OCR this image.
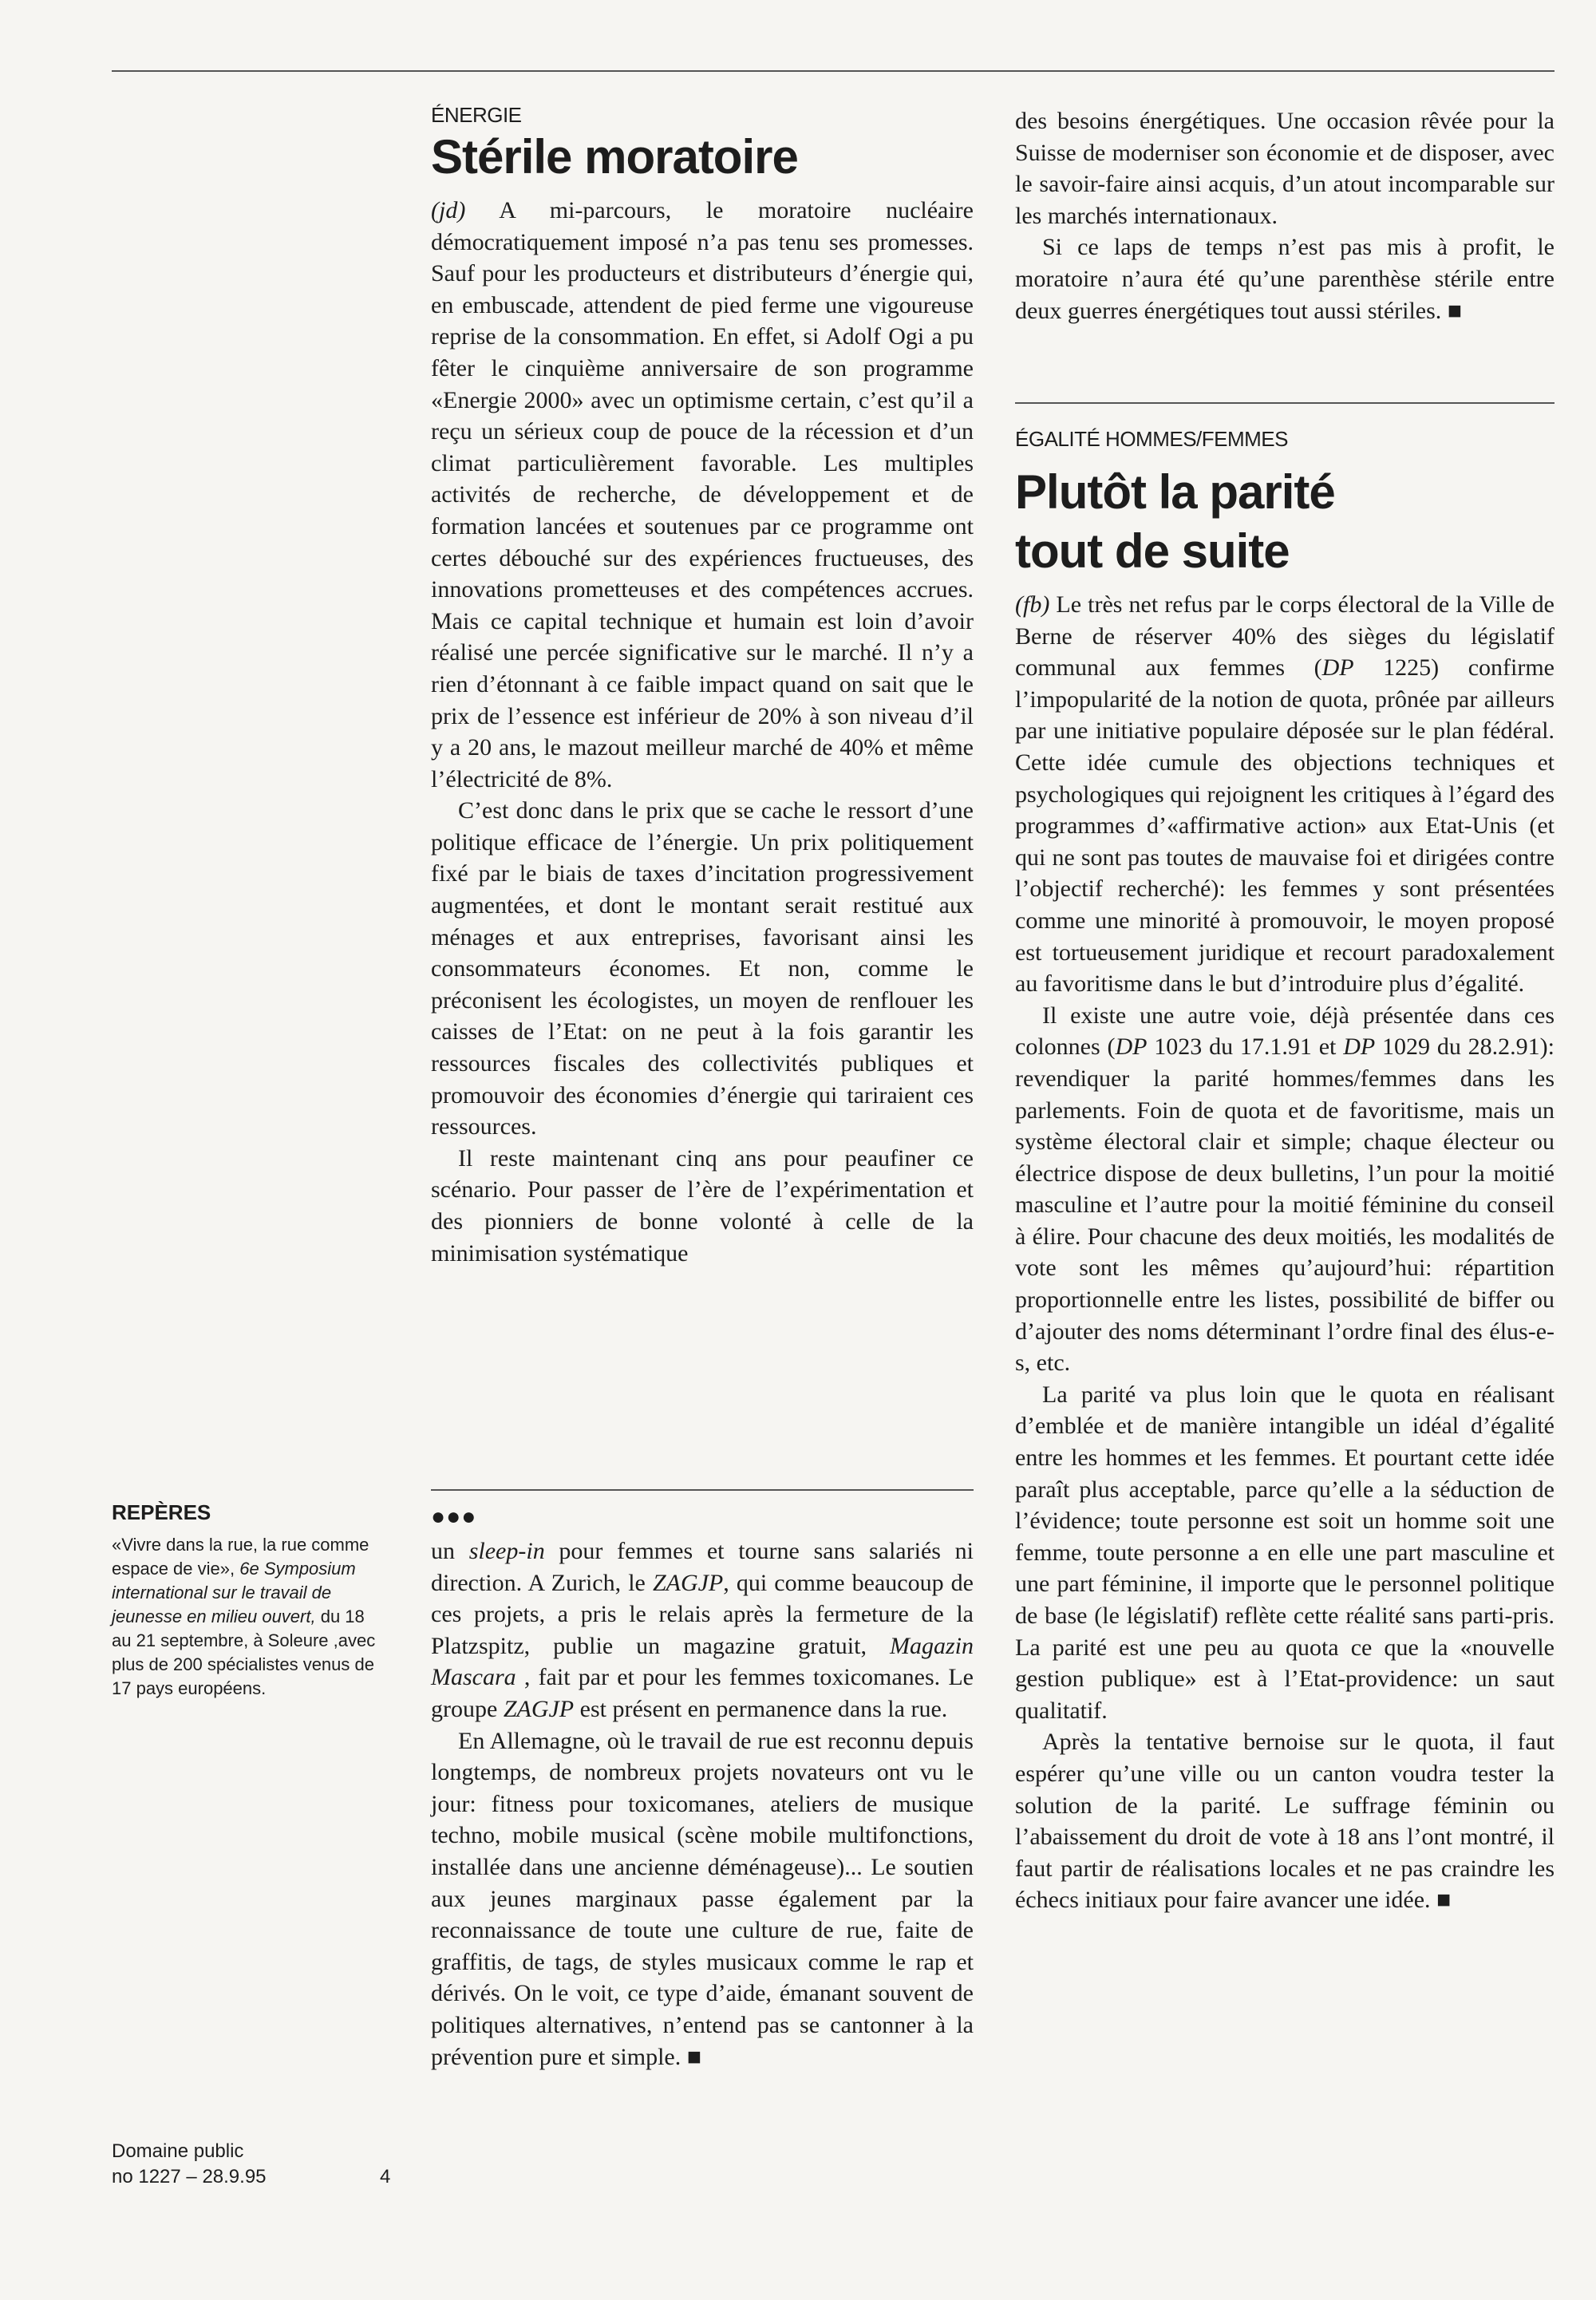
REPÈRES

«Vivre dans la rue, la rue comme espace de vie», 6e Symposium international sur le travail de jeunesse en milieu ouvert, du 18 au 21 septembre, à Soleure ,avec plus de 200 spécialistes venus de 17 pays européens.

Domaine public
no 1227 – 28.9.95	4

ÉNERGIE

Stérile moratoire

(jd) A mi-parcours, le moratoire nucléaire démocratiquement imposé n’a pas tenu ses promesses. Sauf pour les producteurs et distributeurs d’énergie qui, en embuscade, attendent de pied ferme une vigoureuse reprise de la consommation. En effet, si Adolf Ogi a pu fêter le cinquième anniversaire de son programme «Energie 2000» avec un optimisme certain, c’est qu’il a reçu un sérieux coup de pouce de la récession et d’un climat particulièrement favorable. Les multiples activités de recherche, de développement et de formation lancées et soutenues par ce programme ont certes débouché sur des expériences fructueuses, des innovations prometteuses et des compétences accrues. Mais ce capital technique et humain est loin d’avoir réalisé une percée significative sur le marché. Il n’y a rien d’étonnant à ce faible impact quand on sait que le prix de l’essence est inférieur de 20% à son niveau d’il y a 20 ans, le mazout meilleur marché de 40% et même l’électricité de 8%.

C’est donc dans le prix que se cache le ressort d’une politique efficace de l’énergie. Un prix politiquement fixé par le biais de taxes d’incitation progressivement augmentées, et dont le montant serait restitué aux ménages et aux entreprises, favorisant ainsi les consommateurs économes. Et non, comme le préconisent les écologistes, un moyen de renflouer les caisses de l’Etat: on ne peut à la fois garantir les ressources fiscales des collectivités publiques et promouvoir des économies d’énergie qui tariraient ces ressources.

Il reste maintenant cinq ans pour peaufiner ce scénario. Pour passer de l’ère de l’expérimentation et des pionniers de bonne volonté à celle de la minimisation systématique

●●●

un sleep-in pour femmes et tourne sans salariés ni direction. A Zurich, le ZAGJP, qui comme beaucoup de ces projets, a pris le relais après la fermeture de la Platzspitz, publie un magazine gratuit, Magazin Mascara , fait par et pour les femmes toxicomanes. Le groupe ZAGJP est présent en permanence dans la rue.

En Allemagne, où le travail de rue est reconnu depuis longtemps, de nombreux projets novateurs ont vu le jour: fitness pour toxicomanes, ateliers de musique techno, mobile musical (scène mobile multifonctions, installée dans une ancienne déménageuse)... Le soutien aux jeunes marginaux passe également par la reconnaissance de toute une culture de rue, faite de graffitis, de tags, de styles musicaux comme le rap et dérivés. On le voit, ce type d’aide, émanant souvent de politiques alternatives, n’entend pas se cantonner à la prévention pure et simple. ■

des besoins énergétiques. Une occasion rêvée pour la Suisse de moderniser son économie et de disposer, avec le savoir-faire ainsi acquis, d’un atout incomparable sur les marchés internationaux.

Si ce laps de temps n’est pas mis à profit, le moratoire n’aura été qu’une parenthèse stérile entre deux guerres énergétiques tout aussi stériles. ■

ÉGALITÉ HOMMES/FEMMES

Plutôt la parité
tout de suite

(fb) Le très net refus par le corps électoral de la Ville de Berne de réserver 40% des sièges du législatif communal aux femmes (DP 1225) confirme l’impopularité de la notion de quota, prônée par ailleurs par une initiative populaire déposée sur le plan fédéral. Cette idée cumule des objections techniques et psychologiques qui rejoignent les critiques à l’égard des programmes d’«affirmative action» aux Etat-Unis (et qui ne sont pas toutes de mauvaise foi et dirigées contre l’objectif recherché): les femmes y sont présentées comme une minorité à promouvoir, le moyen proposé est tortueusement juridique et recourt paradoxalement au favoritisme dans le but d’introduire plus d’égalité.

Il existe une autre voie, déjà présentée dans ces colonnes (DP 1023 du 17.1.91 et DP 1029 du 28.2.91): revendiquer la parité hommes/femmes dans les parlements. Foin de quota et de favoritisme, mais un système électoral clair et simple; chaque électeur ou électrice dispose de deux bulletins, l’un pour la moitié masculine et l’autre pour la moitié féminine du conseil à élire. Pour chacune des deux moitiés, les modalités de vote sont les mêmes qu’aujourd’hui: répartition proportionnelle entre les listes, possibilité de biffer ou d’ajouter des noms déterminant l’ordre final des élus-e-s, etc.

La parité va plus loin que le quota en réalisant d’emblée et de manière intangible un idéal d’égalité entre les hommes et les femmes. Et pourtant cette idée paraît plus acceptable, parce qu’elle a la séduction de l’évidence; toute personne est soit un homme soit une femme, toute personne a en elle une part masculine et une part féminine, il importe que le personnel politique de base (le législatif) reflète cette réalité sans parti-pris. La parité est une peu au quota ce que la «nouvelle gestion publique» est à l’Etat-providence: un saut qualitatif.

Après la tentative bernoise sur le quota, il faut espérer qu’une ville ou un canton voudra tester la solution de la parité. Le suffrage féminin ou l’abaissement du droit de vote à 18 ans l’ont montré, il faut partir de réalisations locales et ne pas craindre les échecs initiaux pour faire avancer une idée. ■
